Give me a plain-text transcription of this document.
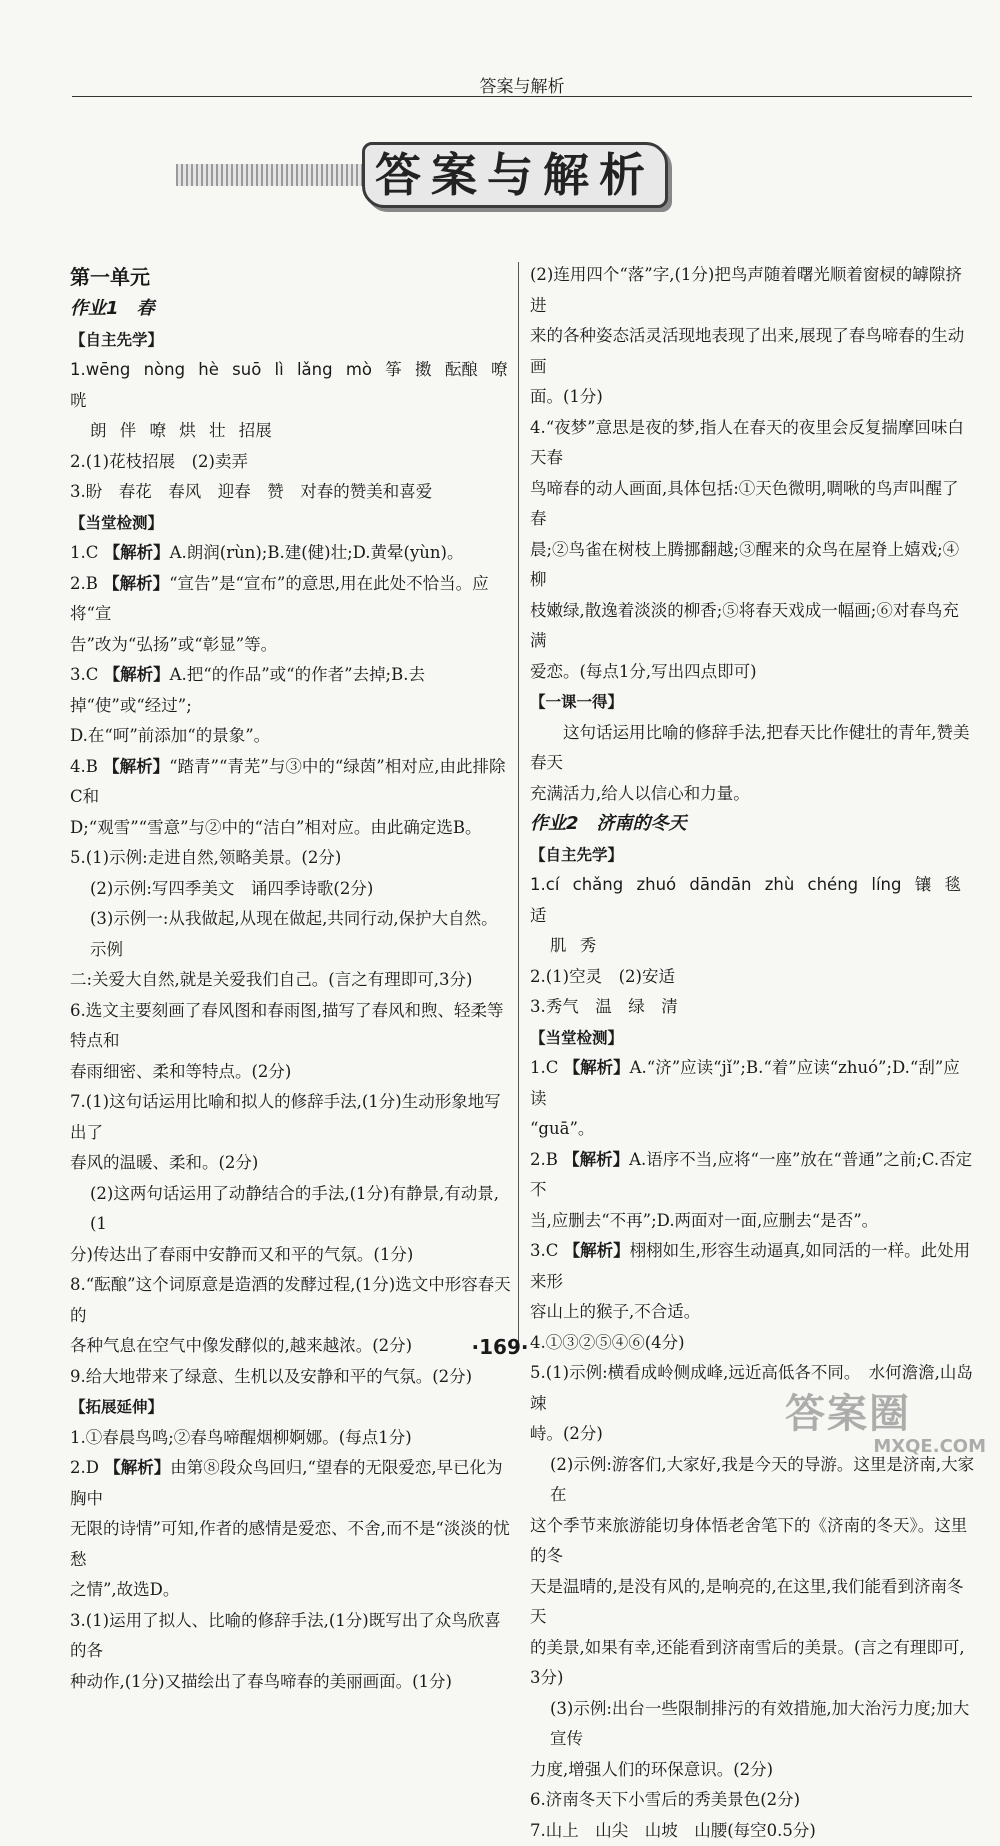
答案与解析
答案与解析

第一单元

作业1　春

【自主先学】

1.wēng nòng hè suō lì lǎng mò 筝 擞 酝酿 嘹咣

朗 伴 嘹 烘 壮 招展

2.(1)花枝招展　(2)卖弄

3.盼　春花　春风　迎春　赞　对春的赞美和喜爱

【当堂检测】

1.C 【解析】A.朗润(rùn);B.建(健)壮;D.黄晕(yùn)。

2.B 【解析】“宣告”是“宣布”的意思,用在此处不恰当。应将“宣

告”改为“弘扬”或“彰显”等。

3.C 【解析】A.把“的作品”或“的作者”去掉;B.去掉“使”或“经过”;

D.在“呵”前添加“的景象”。

4.B 【解析】“踏青”“青芜”与③中的“绿茵”相对应,由此排除C和

D;“观雪”“雪意”与②中的“洁白”相对应。由此确定选B。

5.(1)示例:走进自然,领略美景。(2分)

(2)示例:写四季美文　诵四季诗歌(2分)

(3)示例一:从我做起,从现在做起,共同行动,保护大自然。示例

二:关爱大自然,就是关爱我们自己。(言之有理即可,3分)

6.选文主要刻画了春风图和春雨图,描写了春风和煦、轻柔等特点和

春雨细密、柔和等特点。(2分)

7.(1)这句话运用比喻和拟人的修辞手法,(1分)生动形象地写出了

春风的温暖、柔和。(2分)

(2)这两句话运用了动静结合的手法,(1分)有静景,有动景,(1

分)传达出了春雨中安静而又和平的气氛。(1分)

8.“酝酿”这个词原意是造酒的发酵过程,(1分)选文中形容春天的

各种气息在空气中像发酵似的,越来越浓。(2分)

9.给大地带来了绿意、生机以及安静和平的气氛。(2分)

【拓展延伸】

1.①春晨鸟鸣;②春鸟啼醒烟柳婀娜。(每点1分)

2.D 【解析】由第⑧段众鸟回归,“望春的无限爱恋,早已化为胸中

无限的诗情”可知,作者的感情是爱恋、不舍,而不是“淡淡的忧愁

之情”,故选D。

3.(1)运用了拟人、比喻的修辞手法,(1分)既写出了众鸟欣喜的各

种动作,(1分)又描绘出了春鸟啼春的美丽画面。(1分)

(2)连用四个“落”字,(1分)把鸟声随着曙光顺着窗棂的罅隙挤进

来的各种姿态活灵活现地表现了出来,展现了春鸟啼春的生动画

面。(1分)

4.“夜梦”意思是夜的梦,指人在春天的夜里会反复揣摩回味白天春

鸟啼春的动人画面,具体包括:①天色微明,啁啾的鸟声叫醒了春

晨;②鸟雀在树枝上腾挪翻越;③醒来的众鸟在屋脊上嬉戏;④柳

枝嫩绿,散逸着淡淡的柳香;⑤将春天戏成一幅画;⑥对春鸟充满

爱恋。(每点1分,写出四点即可)

【一课一得】

这句话运用比喻的修辞手法,把春天比作健壮的青年,赞美春天

充满活力,给人以信心和力量。

作业2　济南的冬天

【自主先学】

1.cí chǎng zhuó dāndān zhù chéng líng 镶 毯 适

肌 秀

2.(1)空灵　(2)安适

3.秀气　温　绿　清

【当堂检测】

1.C 【解析】A.“济”应读“jǐ”;B.“着”应读“zhuó”;D.“刮”应读

“guā”。

2.B 【解析】A.语序不当,应将“一座”放在“普通”之前;C.否定不

当,应删去“不再”;D.两面对一面,应删去“是否”。

3.C 【解析】栩栩如生,形容生动逼真,如同活的一样。此处用来形

容山上的猴子,不合适。

4.①③②⑤④⑥(4分)

5.(1)示例:横看成岭侧成峰,远近高低各不同。　水何澹澹,山岛竦

峙。(2分)

(2)示例:游客们,大家好,我是今天的导游。这里是济南,大家在

这个季节来旅游能切身体悟老舍笔下的《济南的冬天》。这里的冬

天是温晴的,是没有风的,是响亮的,在这里,我们能看到济南冬天

的美景,如果有幸,还能看到济南雪后的美景。(言之有理即可,

3分)

(3)示例:出台一些限制排污的有效措施,加大治污力度;加大宣传

力度,增强人们的环保意识。(2分)

6.济南冬天下小雪后的秀美景色(2分)

7.山上　山尖　山坡　山腰(每空0.5分)

·169·
答案圈
MXQE.COM
